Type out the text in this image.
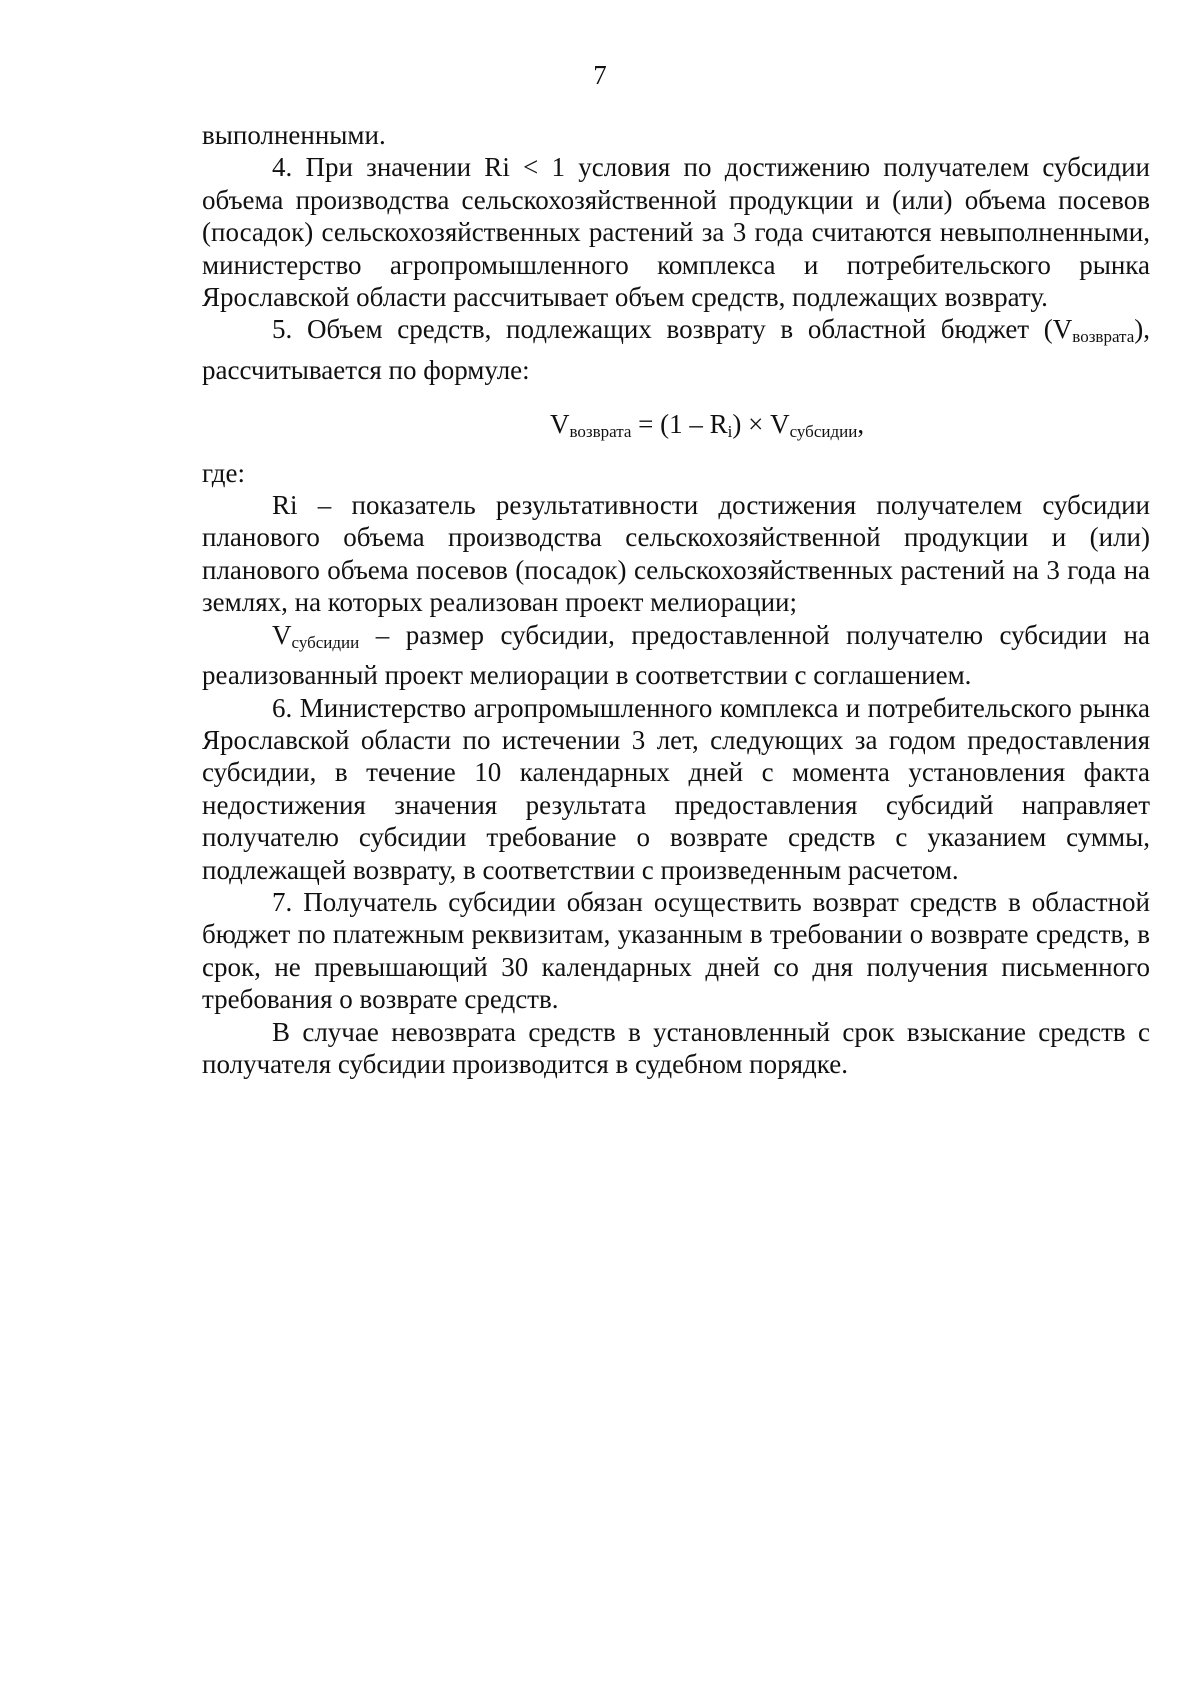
7

выполненными.

4. При значении Ri < 1 условия по достижению получателем субсидии объема производства сельскохозяйственной продукции и (или) объема посевов (посадок) сельскохозяйственных растений за 3 года считаются невыполненными, министерство агропромышленного комплекса и потребительского рынка Ярославской области рассчитывает объем средств, подлежащих возврату.

5. Объем средств, подлежащих возврату в областной бюджет $(V_{возврата})$, рассчитывается по формуле:

$V_{возврата} = (1 - R_i) \times V_{субсидии}$,

где:

Ri – показатель результативности достижения получателем субсидии планового объема производства сельскохозяйственной продукции и (или) планового объема посевов (посадок) сельскохозяйственных растений на 3 года на землях, на которых реализован проект мелиорации;

$V_{субсидии}$ – размер субсидии, предоставленной получателю субсидии на реализованный проект мелиорации в соответствии с соглашением.

6. Министерство агропромышленного комплекса и потребительского рынка Ярославской области по истечении 3 лет, следующих за годом предоставления субсидии, в течение 10 календарных дней с момента установления факта недостижения значения результата предоставления субсидий направляет получателю субсидии требование о возврате средств с указанием суммы, подлежащей возврату, в соответствии с произведенным расчетом.

7. Получатель субсидии обязан осуществить возврат средств в областной бюджет по платежным реквизитам, указанным в требовании о возврате средств, в срок, не превышающий 30 календарных дней со дня получения письменного требования о возврате средств.

В случае невозврата средств в установленный срок взыскание средств с получателя субсидии производится в судебном порядке.
